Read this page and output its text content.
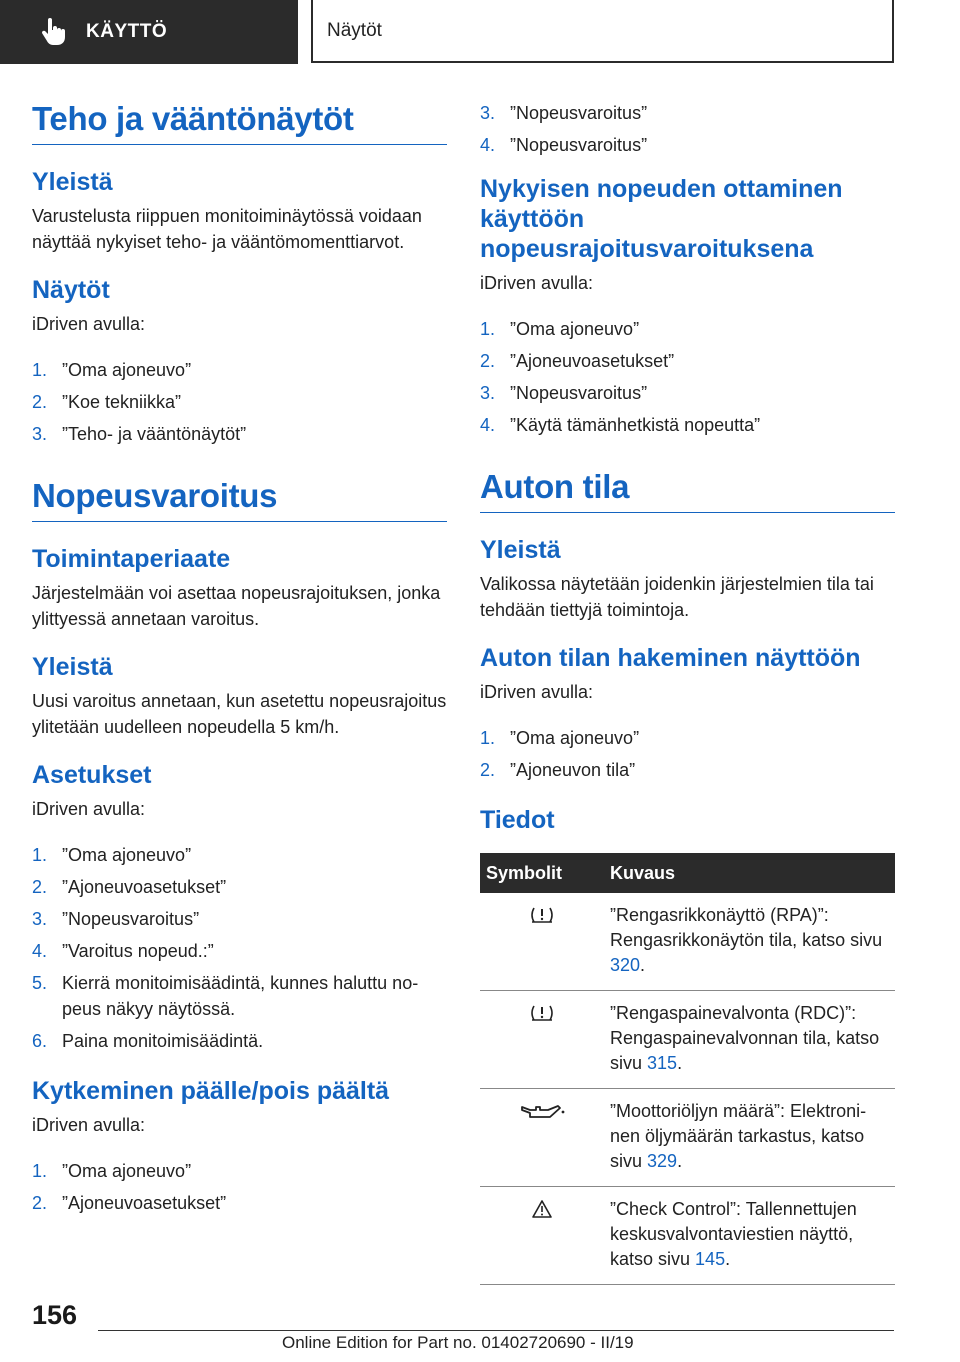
KÄYTTÖ	Näytöt
Teho ja vääntönäytöt
Yleistä

Varustelusta riippuen monitoiminäytössä voidaan näyttää nykyiset teho- ja vääntömomenttiarvot.

Näytöt

iDriven avulla:

1. ”Oma ajoneuvo”
2. ”Koe tekniikka”
3. ”Teho- ja vääntönäytöt”
Nopeusvaroitus
Toimintaperiaate

Järjestelmään voi asettaa nopeusrajoituksen, jonka ylittyessä annetaan varoitus.

Yleistä

Uusi varoitus annetaan, kun asetettu nopeusrajoitus ylitetään uudelleen nopeudella 5 km/h.

Asetukset

iDriven avulla:

1. ”Oma ajoneuvo”
2. ”Ajoneuvoasetukset”
3. ”Nopeusvaroitus”
4. ”Varoitus nopeud.:”
5. Kierrä monitoimisäädintä, kunnes haluttu nopeus näkyy näytössä.
6. Paina monitoimisäädintä.
Kytkeminen päälle/pois päältä

iDriven avulla:

1. ”Oma ajoneuvo”
2. ”Ajoneuvoasetukset”
3. ”Nopeusvaroitus”
4. ”Nopeusvaroitus”
Nykyisen nopeuden ottaminen käyttöön nopeusrajoitusvaroituksena

iDriven avulla:

1. ”Oma ajoneuvo”
2. ”Ajoneuvoasetukset”
3. ”Nopeusvaroitus”
4. ”Käytä tämänhetkistä nopeutta”
Auton tila
Yleistä

Valikossa näytetään joidenkin järjestelmien tila tai tehdään tiettyjä toimintoja.

Auton tilan hakeminen näyttöön

iDriven avulla:

1. ”Oma ajoneuvo”
2. ”Ajoneuvon tila”
Tiedot
Symbolit	Kuvaus
	”Rengasrikkonäyttö (RPA)”: Rengasrikkonäytön tila, katso sivu 320.
	”Rengaspainevalvonta (RDC)”: Rengaspainevalvonnan tila, katso sivu 315.
	”Moottoriöljyn määrä”: Elektroninen öljymäärän tarkastus, katso sivu 329.
	”Check Control”: Tallennettujen keskusvalvontaviestien näyttö, katso sivu 145.
156
Online Edition for Part no. 01402720690 - II/19
